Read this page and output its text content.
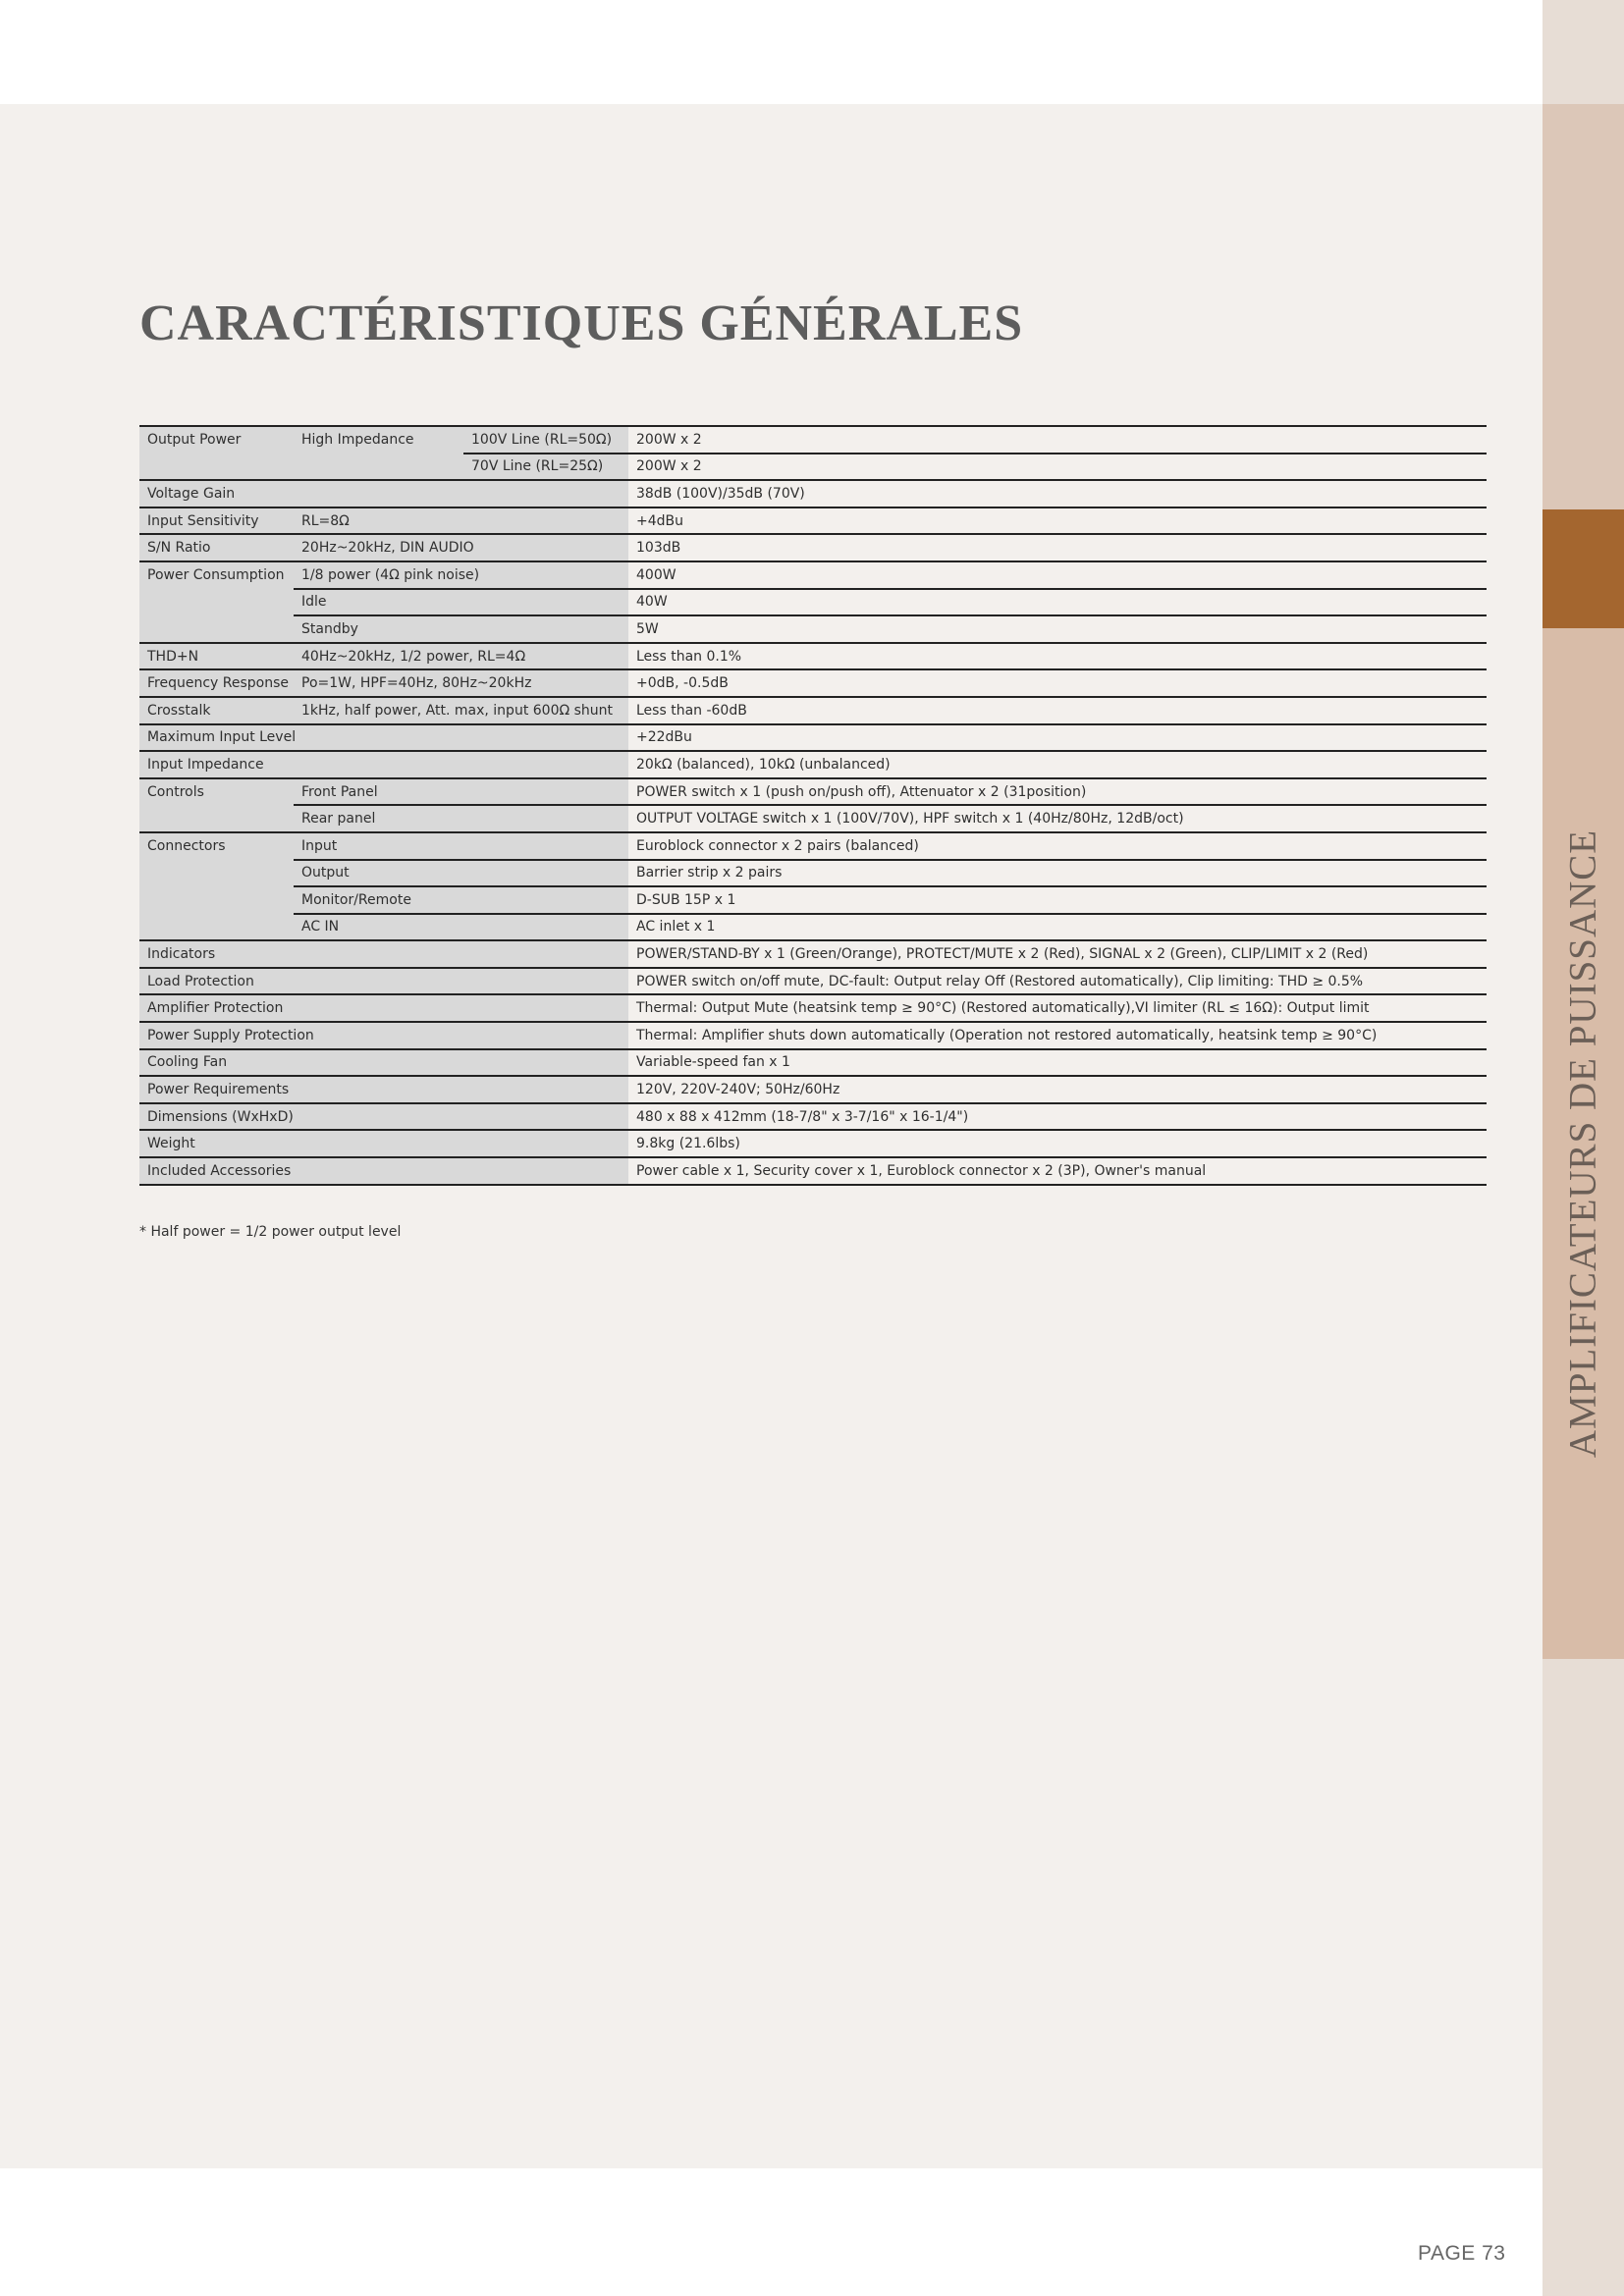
AMPLIFICATEURS DE PUISSANCE
CARACTÉRISTIQUES GÉNÉRALES
Output Power	High Impedance	100V Line (RL=50Ω)	200W x 2
		70V Line (RL=25Ω)	200W x 2
Voltage Gain			38dB (100V)/35dB (70V)
Input Sensitivity	RL=8Ω		+4dBu
S/N Ratio	20Hz~20kHz, DIN AUDIO		103dB
Power Consumption	1/8 power (4Ω pink noise)		400W
	Idle		40W
	Standby		5W
THD+N	40Hz~20kHz, 1/2 power, RL=4Ω		Less than 0.1%
Frequency Response	Po=1W, HPF=40Hz, 80Hz~20kHz		+0dB, -0.5dB
Crosstalk	1kHz, half power, Att. max, input 600Ω shunt		Less than -60dB
Maximum Input Level			+22dBu
Input Impedance			20kΩ (balanced), 10kΩ (unbalanced)
Controls	Front Panel		POWER switch x 1 (push on/push off), Attenuator x 2 (31position)
	Rear panel		OUTPUT VOLTAGE switch x 1 (100V/70V), HPF switch x 1 (40Hz/80Hz, 12dB/oct)
Connectors	Input		Euroblock connector x 2 pairs (balanced)
	Output		Barrier strip x 2 pairs
	Monitor/Remote		D-SUB 15P x 1
	AC IN		AC inlet x 1
Indicators			POWER/STAND-BY x 1 (Green/Orange), PROTECT/MUTE x 2 (Red), SIGNAL x 2 (Green), CLIP/LIMIT x 2 (Red)
Load Protection			POWER switch on/off mute, DC-fault: Output relay Off (Restored automatically), Clip limiting: THD ≥ 0.5%
Amplifier Protection			Thermal: Output Mute (heatsink temp ≥ 90°C) (Restored automatically),VI limiter (RL ≤ 16Ω): Output limit
Power Supply Protection			Thermal: Amplifier shuts down automatically (Operation not restored automatically, heatsink temp ≥ 90°C)
Cooling Fan			Variable-speed fan x 1
Power Requirements			120V, 220V-240V; 50Hz/60Hz
Dimensions (WxHxD)			480 x 88 x 412mm (18-7/8" x 3-7/16" x 16-1/4")
Weight			9.8kg (21.6lbs)
Included Accessories			Power cable x 1, Security cover x 1, Euroblock connector x 2 (3P), Owner's manual

* Half power = 1/2 power output level

PAGE 73
